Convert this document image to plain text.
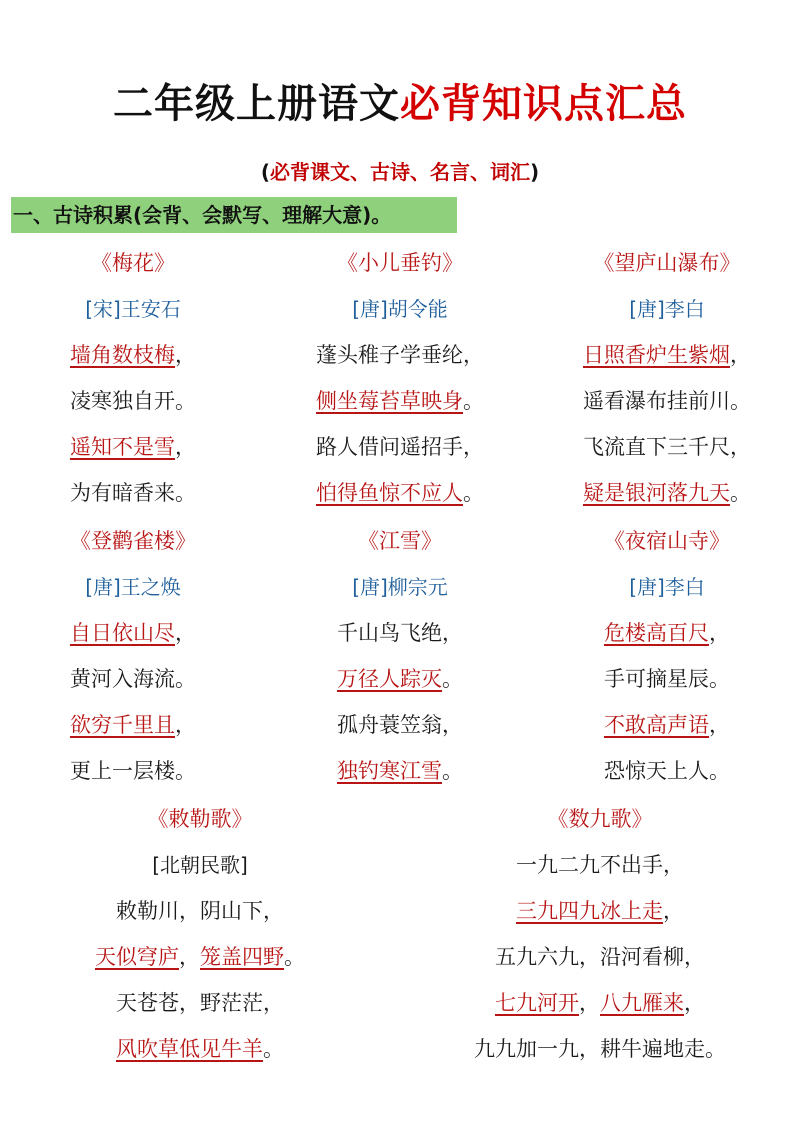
二年级上册语文必背知识点汇总
(必背课文、古诗、名言、词汇)
一、古诗积累(会背、会默写、理解大意)。
《梅花》
[宋]王安石
墙角数枝梅，
凌寒独自开。
遥知不是雪，
为有暗香来。
《小儿垂钓》
[唐]胡令能
蓬头稚子学垂纶，
侧坐莓苔草映身。
路人借问遥招手，
怕得鱼惊不应人。
《望庐山瀑布》
[唐]李白
日照香炉生紫烟，
遥看瀑布挂前川。
飞流直下三千尺，
疑是银河落九天。
《登鹳雀楼》
[唐]王之焕
自日依山尽，
黄河入海流。
欲穷千里且，
更上一层楼。
《江雪》
[唐]柳宗元
千山鸟飞绝，
万径人踪灭。
孤舟蓑笠翁，
独钓寒江雪。
《夜宿山寺》
[唐]李白
危楼高百尺，
手可摘星辰。
不敢高声语，
恐惊天上人。
《敕勒歌》
[北朝民歌]
敕勒川，阴山下，
天似穹庐，笼盖四野。
天苍苍，野茫茫，
风吹草低见牛羊。
《数九歌》
一九二九不出手，
三九四九冰上走，
五九六九，沿河看柳，
七九河开，八九雁来，
九九加一九，耕牛遍地走。
